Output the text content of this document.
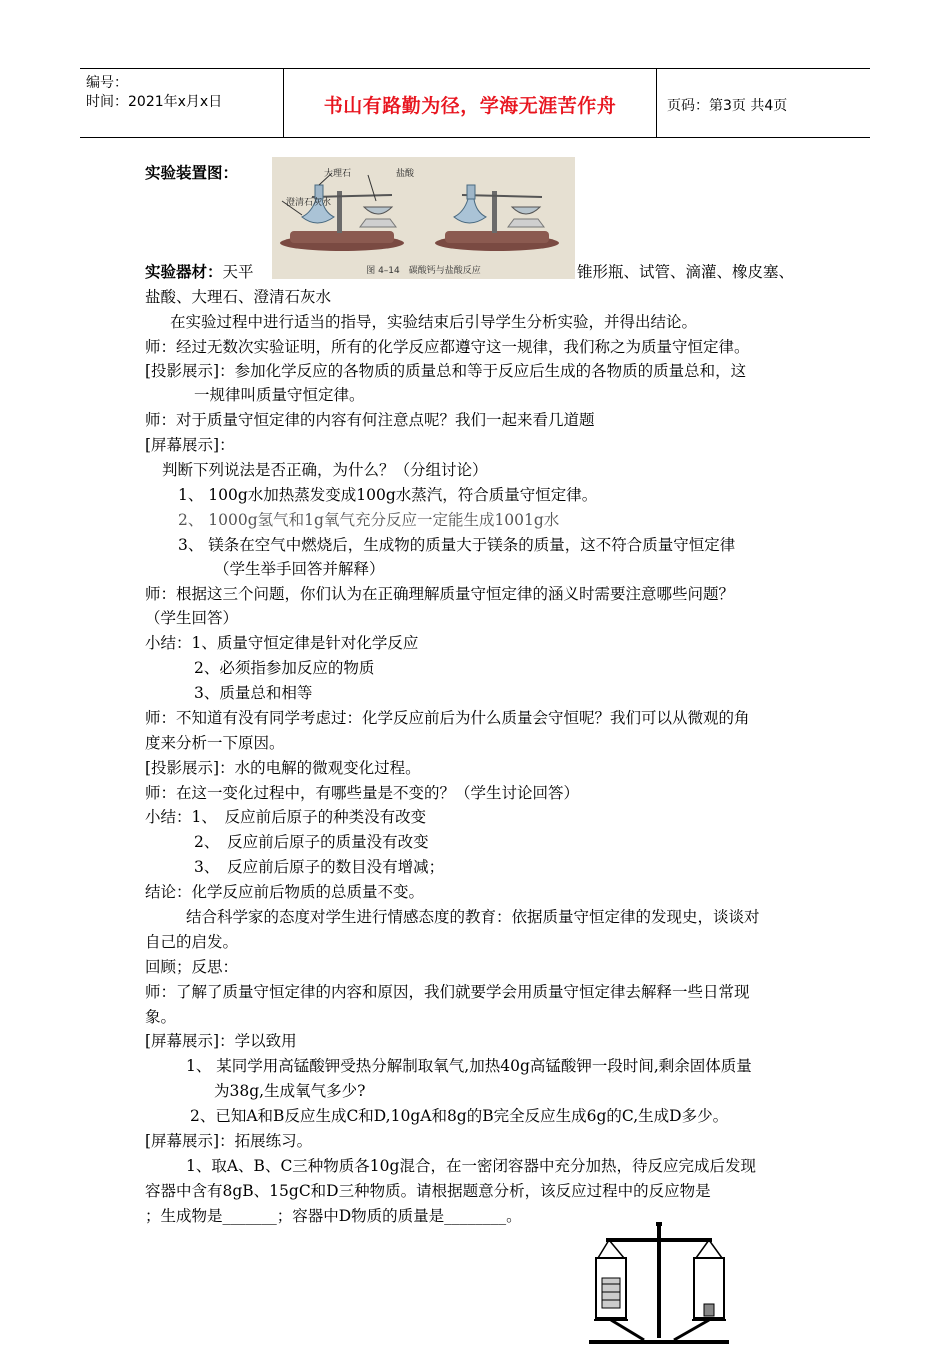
编号：
时间：2021年x月x日	书山有路勤为径，学海无涯苦作舟	页码：第3页 共4页
大理石	盐酸
澄清石灰水
图 4–14　碳酸钙与盐酸反应
实验装置图：
实验器材：天平	锥形瓶、试管、滴灌、橡皮塞、
盐酸、大理石、澄清石灰水
在实验过程中进行适当的指导，实验结束后引导学生分析实验，并得出结论。
师：经过无数次实验证明，所有的化学反应都遵守这一规律，我们称之为质量守恒定律。
[投影展示]：参加化学反应的各物质的质量总和等于反应后生成的各物质的质量总和，这
一规律叫质量守恒定律。
师：对于质量守恒定律的内容有何注意点呢？我们一起来看几道题
[屏幕展示]：
判断下列说法是否正确，为什么？（分组讨论）
1、 100g水加热蒸发变成100g水蒸汽，符合质量守恒定律。
2、 1000g氢气和1g氧气充分反应一定能生成1001g水
3、 镁条在空气中燃烧后，生成物的质量大于镁条的质量，这不符合质量守恒定律
（学生举手回答并解释）
师：根据这三个问题，你们认为在正确理解质量守恒定律的涵义时需要注意哪些问题？
（学生回答）
小结：1、质量守恒定律是针对化学反应
2、必须指参加反应的物质
3、质量总和相等
师：不知道有没有同学考虑过：化学反应前后为什么质量会守恒呢？我们可以从微观的角
度来分析一下原因。
[投影展示]：水的电解的微观变化过程。
师：在这一变化过程中，有哪些量是不变的？（学生讨论回答）
小结：1、　反应前后原子的种类没有改变
2、　反应前后原子的质量没有改变
3、　反应前后原子的数目没有增减；
结论：化学反应前后物质的总质量不变。
结合科学家的态度对学生进行情感态度的教育：依据质量守恒定律的发现史，谈谈对
自己的启发。
回顾；反思：
师：了解了质量守恒定律的内容和原因，我们就要学会用质量守恒定律去解释一些日常现
象。
[屏幕展示]：学以致用
1、 某同学用高锰酸钾受热分解制取氧气,加热40g高锰酸钾一段时间,剩余固体质量
为38g,生成氧气多少?
2、已知A和B反应生成C和D,10gA和8g的B完全反应生成6g的C,生成D多少。
[屏幕展示]：拓展练习。
1、取A、B、C三种物质各10g混合，在一密闭容器中充分加热，待反应完成后发现
容器中含有8gB、15gC和D三种物质。请根据题意分析，该反应过程中的反应物是
；生成物是_______；容器中D物质的质量是________。
